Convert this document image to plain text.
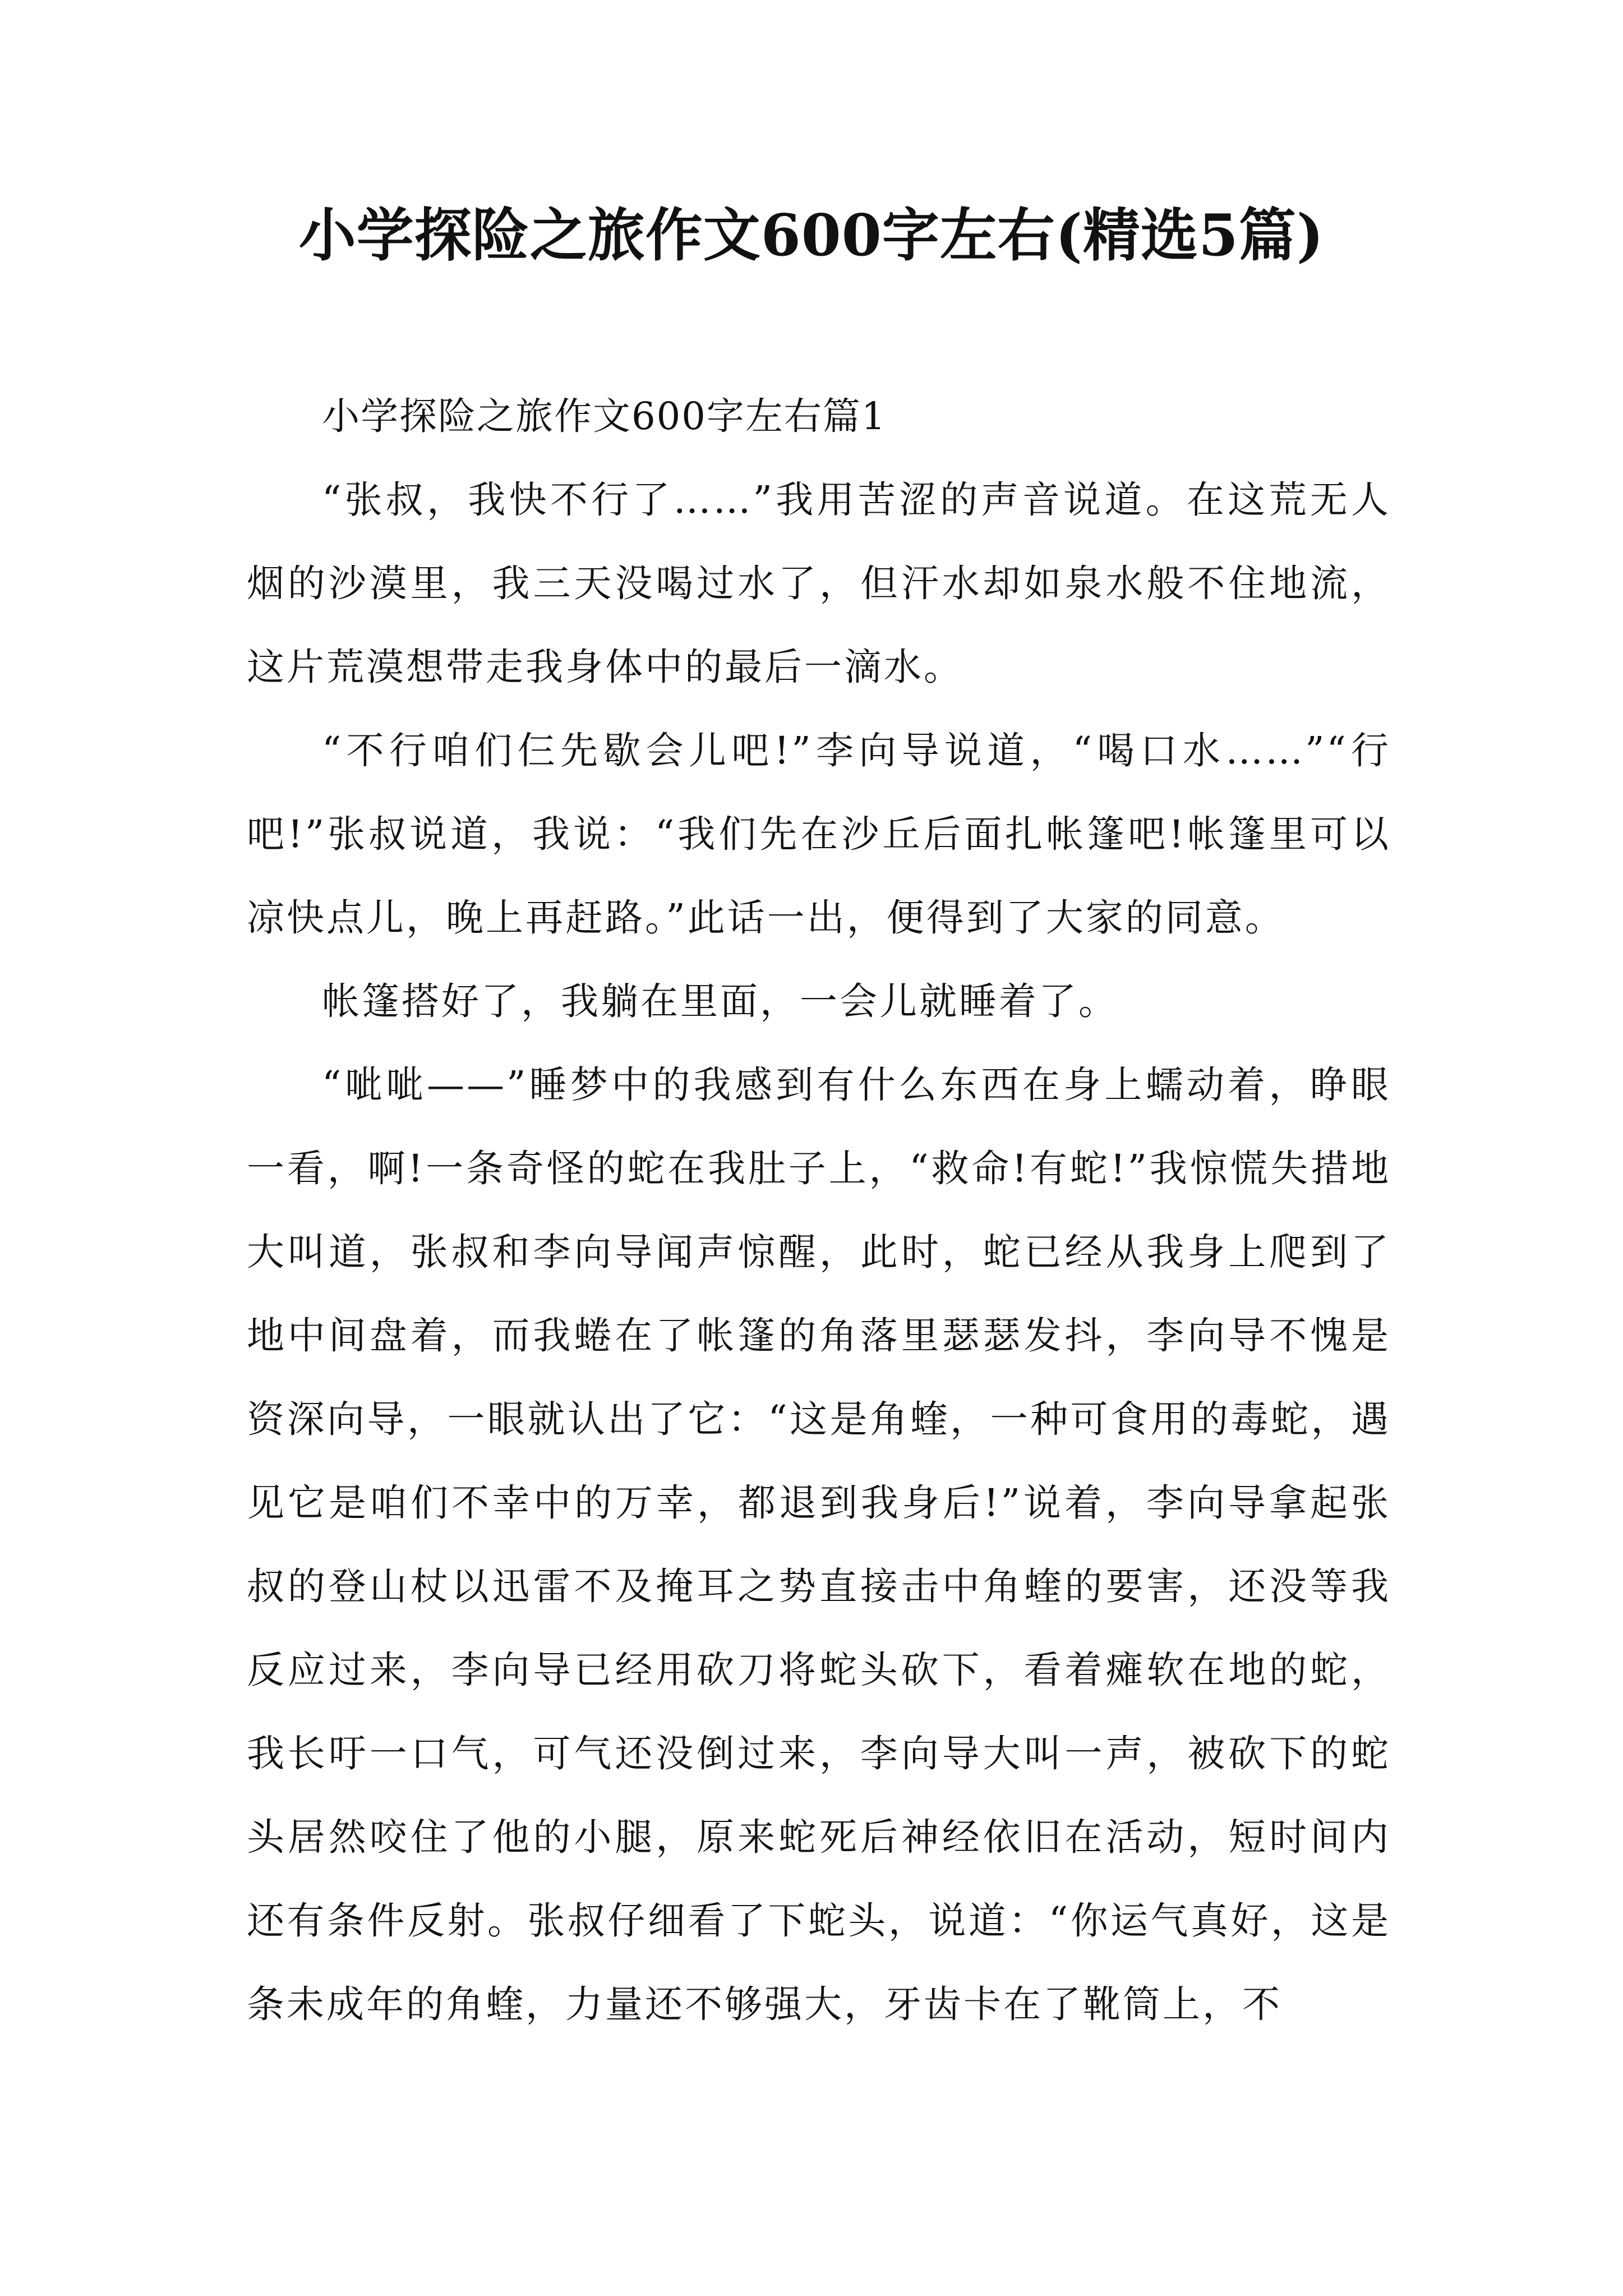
小学探险之旅作文600字左右(精选5篇)

小学探险之旅作文600字左右篇1

“张叔，我快不行了……”我用苦涩的声音说道。在这荒无人烟的沙漠里，我三天没喝过水了，但汗水却如泉水般不住地流，这片荒漠想带走我身体中的最后一滴水。

“不行咱们仨先歇会儿吧!”李向导说道，“喝口水……”“行吧!”张叔说道，我说：“我们先在沙丘后面扎帐篷吧!帐篷里可以凉快点儿，晚上再赶路。”此话一出，便得到了大家的同意。

帐篷搭好了，我躺在里面，一会儿就睡着了。

“呲呲——”睡梦中的我感到有什么东西在身上蠕动着，睁眼一看，啊!一条奇怪的蛇在我肚子上，“救命!有蛇!”我惊慌失措地大叫道，张叔和李向导闻声惊醒，此时，蛇已经从我身上爬到了地中间盘着，而我蜷在了帐篷的角落里瑟瑟发抖，李向导不愧是资深向导，一眼就认出了它：“这是角蝰，一种可食用的毒蛇，遇见它是咱们不幸中的万幸，都退到我身后!”说着，李向导拿起张叔的登山杖以迅雷不及掩耳之势直接击中角蝰的要害，还没等我反应过来，李向导已经用砍刀将蛇头砍下，看着瘫软在地的蛇，我长吁一口气，可气还没倒过来，李向导大叫一声，被砍下的蛇头居然咬住了他的小腿，原来蛇死后神经依旧在活动，短时间内还有条件反射。张叔仔细看了下蛇头，说道：“你运气真好，这是条未成年的角蝰，力量还不够强大，牙齿卡在了靴筒上，不
